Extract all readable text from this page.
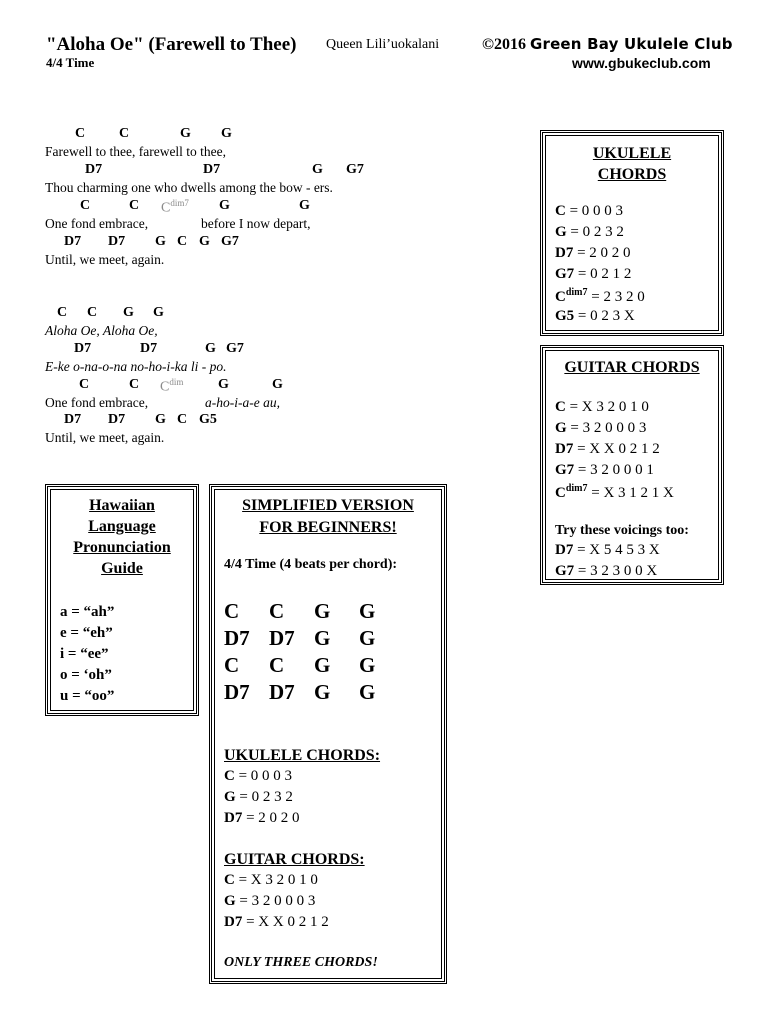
"Aloha Oe" (Farewell to Thee) Queen Lili’uokalani
4/4 Time
©2016 Green Bay Ukulele Club
www.gbukeclub.com
C C	G G
Farewell to thee, farewell to thee,
D7	D7	G G7
Thou charming one who dwells among the bow - ers.
C	C $C^{dim7}$ G	G
One fond embrace,	before I now depart,
D7 D7 G C G G7
Until, we meet, again.
C C G G
Aloha Oe, Aloha Oe,
D7	D7	G G7
E-ke o-na-o-na no-ho-i-ka li - po.
C	C $C^{dim}$ G	G
One fond embrace,	a-ho-i-a-e au,
D7 D7 G C G5
Until, we meet, again.
Hawaiian
Language
Pronunciation
Guide
a = “ah”
e = “eh”
i = “ee”
o = ‘oh”
u = “oo”
SIMPLIFIED VERSION
FOR BEGINNERS!
4/4 Time (4 beats per chord):
C C G G
D7 D7 G G
C C G G
D7 D7 G G
UKULELE CHORDS:
C = 0 0 0 3
G = 0 2 3 2
D7 = 2 0 2 0
GUITAR CHORDS:
C = X 3 2 0 1 0
G = 3 2 0 0 0 3
D7 = X X 0 2 1 2
ONLY THREE CHORDS!
UKULELE
CHORDS
C = 0 0 0 3
G = 0 2 3 2
D7 = 2 0 2 0
G7 = 0 2 1 2
$C^{dim7} = 2$ 3 2 0
G5 = 0 2 3 X
GUITAR CHORDS
C = X 3 2 0 1 0
G = 3 2 0 0 0 3
D7 = X X 0 2 1 2
G7 = 3 2 0 0 0 1
$C^{dim7} = X$ 3 1 2 1 X
Try these voicings too:
D7 = X 5 4 5 3 X
G7 = 3 2 3 0 0 X
